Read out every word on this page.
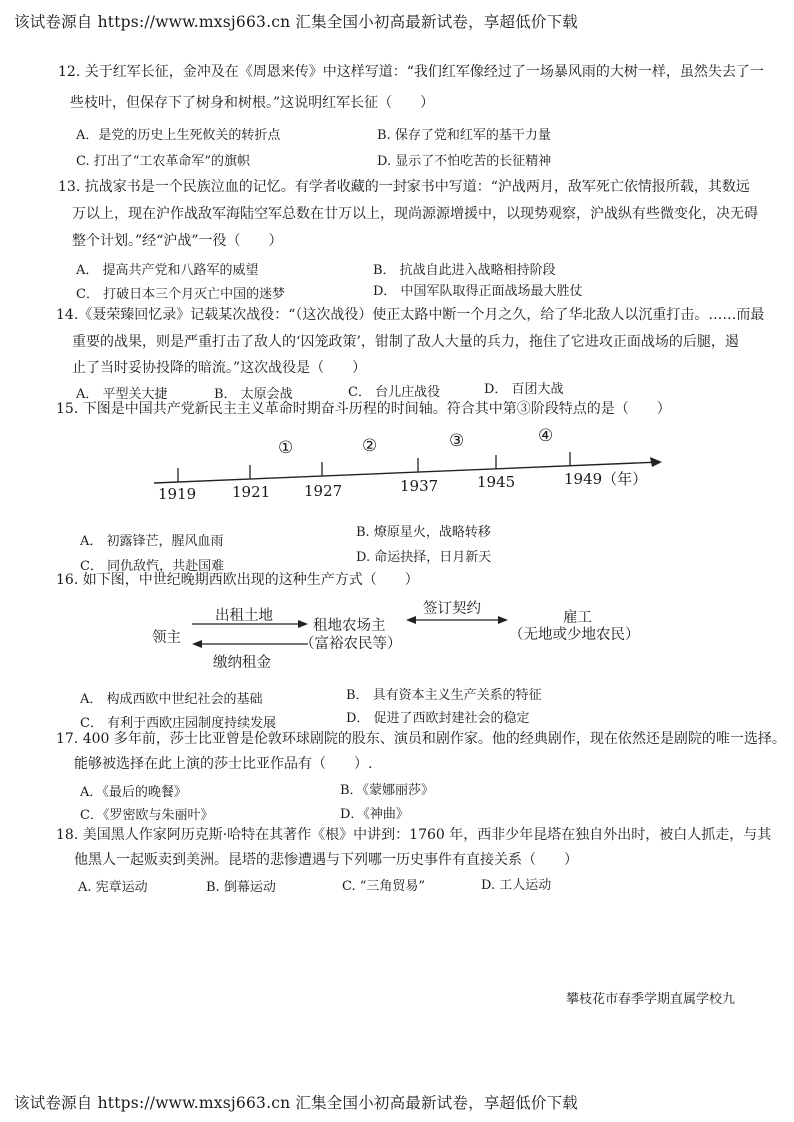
该试卷源自 https://www.mxsj663.cn 汇集全国小初高最新试卷，享超低价下载
该试卷源自 https://www.mxsj663.cn 汇集全国小初高最新试卷，享超低价下载
攀枝花市春季学期直属学校九
12. 关于红军长征，金冲及在《周恩来传》中这样写道：“我们红军像经过了一场暴风雨的大树一样，虽然失去了一
些枝叶，但保存下了树身和树根。”这说明红军长征（　　）
A．是党的历史上生死攸关的转折点	B. 保存了党和红军的基干力量
C. 打出了“工农革命军”的旗帜	D. 显示了不怕吃苦的长征精神
13. 抗战家书是一个民族泣血的记忆。有学者收藏的一封家书中写道：“沪战两月，敌军死亡依情报所载，其数远
万以上，现在沪作战敌军海陆空军总数在廿万以上，现尚源源增援中，以现势观察，沪战纵有些微变化，决无碍
整个计划。”经“沪战”一役（　　）
A． 提高共产党和八路军的威望	B． 抗战自此进入战略相持阶段
C． 打破日本三个月灭亡中国的迷梦	D． 中国军队取得正面战场最大胜仗
14.《聂荣臻回忆录》记载某次战役：“（这次战役）使正太路中断一个月之久，给了华北敌人以沉重打击。……而最
重要的战果，则是严重打击了敌人的‘囚笼政策’，钳制了敌人大量的兵力，拖住了它进攻正面战场的后腿，遏
止了当时妥协投降的暗流。”这次战役是（　　）
A． 平型关大捷	B． 太原会战	C． 台儿庄战役	D． 百团大战
15. 下图是中国共产党新民主主义革命时期奋斗历程的时间轴。符合其中第③阶段特点的是（　　）
①	②	③	④
1919 1921 1927	1937	1945	1949（年）
A． 初露锋芒，腥风血雨
B. 燎原星火，战略转移
C． 同仇敌忾，共赴国难
D. 命运抉择，日月新天
16. 如下图，中世纪晚期西欧出现的这种生产方式（　　）
出租土地
缴纳租金
签订契约
领主
租地农场主
（富裕农民等）
雇工
（无地或少地农民）
A． 构成西欧中世纪社会的基础	B． 具有资本主义生产关系的特征
C． 有利于西欧庄园制度持续发展	D． 促进了西欧封建社会的稳定
17. 400 多年前，莎士比亚曾是伦敦环球剧院的股东、演员和剧作家。他的经典剧作，现在依然还是剧院的唯一选择。
能够被选择在此上演的莎士比亚作品有（　　）.
A．《最后的晚餐》	B．《蒙娜丽莎》
C．《罗密欧与朱丽叶》	D．《神曲》
18. 美国黑人作家阿历克斯·哈特在其著作《根》中讲到：1760 年，西非少年昆塔在独自外出时，被白人抓走，与其
他黑人一起贩卖到美洲。昆塔的悲惨遭遇与下列哪一历史事件有直接关系（　　）
A. 宪章运动	B. 倒幕运动	C. “三角贸易”	D. 工人运动
